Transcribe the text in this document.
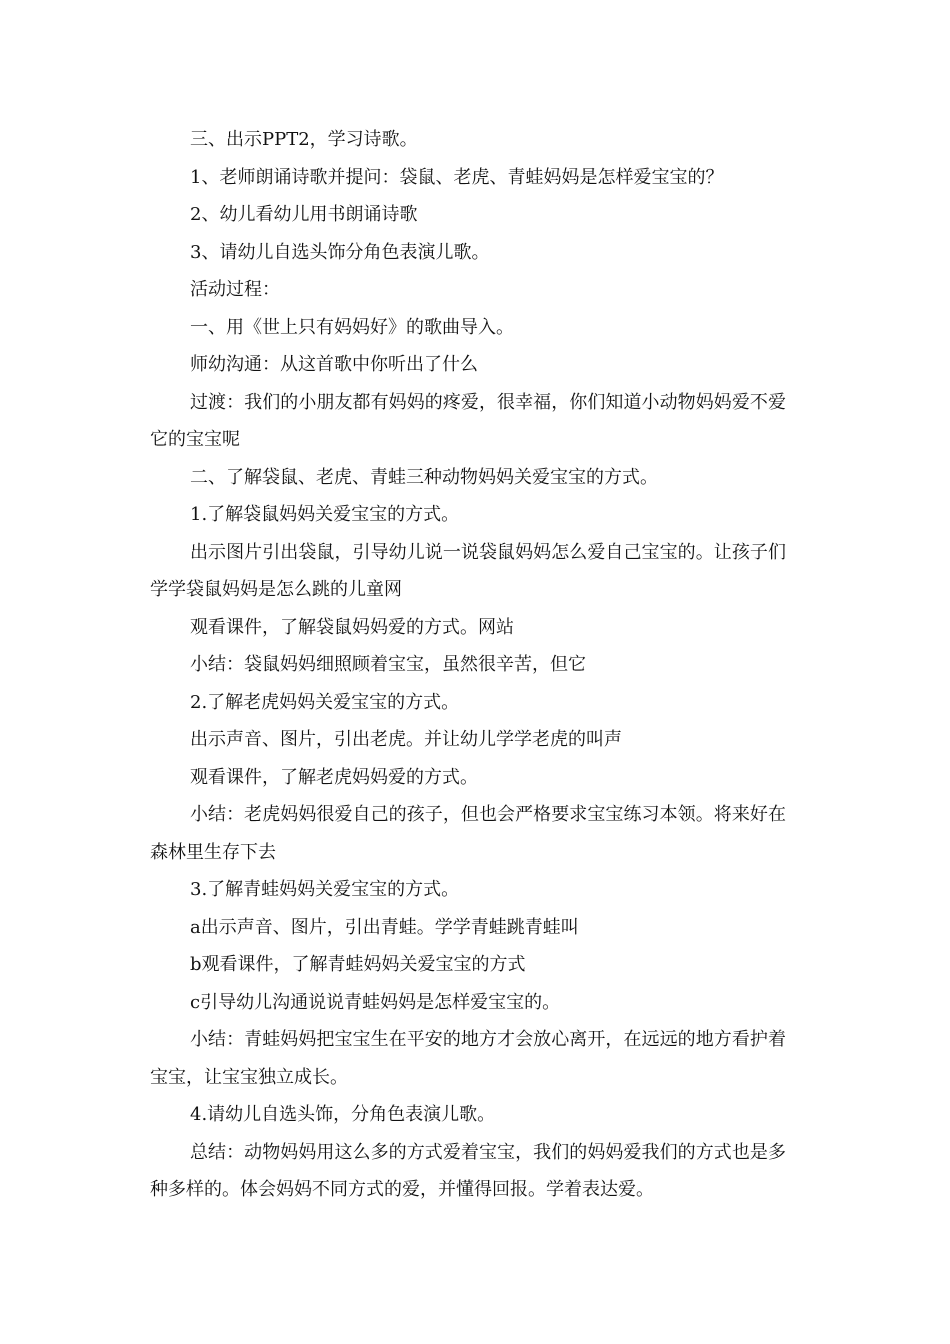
三、出示PPT2，学习诗歌。

1、老师朗诵诗歌并提问：袋鼠、老虎、青蛙妈妈是怎样爱宝宝的？

2、幼儿看幼儿用书朗诵诗歌

3、请幼儿自选头饰分角色表演儿歌。

活动过程：

一、用《世上只有妈妈好》的歌曲导入。

师幼沟通：从这首歌中你听出了什么

过渡：我们的小朋友都有妈妈的疼爱，很幸福，你们知道小动物妈妈爱不爱它的宝宝呢

二、了解袋鼠、老虎、青蛙三种动物妈妈关爱宝宝的方式。

1.了解袋鼠妈妈关爱宝宝的方式。

出示图片引出袋鼠，引导幼儿说一说袋鼠妈妈怎么爱自己宝宝的。让孩子们学学袋鼠妈妈是怎么跳的儿童网

观看课件，了解袋鼠妈妈爱的方式。网站

小结：袋鼠妈妈细照顾着宝宝，虽然很辛苦，但它

2.了解老虎妈妈关爱宝宝的方式。

出示声音、图片，引出老虎。并让幼儿学学老虎的叫声

观看课件，了解老虎妈妈爱的方式。

小结：老虎妈妈很爱自己的孩子，但也会严格要求宝宝练习本领。将来好在森林里生存下去

3.了解青蛙妈妈关爱宝宝的方式。

a出示声音、图片，引出青蛙。学学青蛙跳青蛙叫

b观看课件，了解青蛙妈妈关爱宝宝的方式

c引导幼儿沟通说说青蛙妈妈是怎样爱宝宝的。

小结：青蛙妈妈把宝宝生在平安的地方才会放心离开，在远远的地方看护着宝宝，让宝宝独立成长。

4.请幼儿自选头饰，分角色表演儿歌。

总结：动物妈妈用这么多的方式爱着宝宝，我们的妈妈爱我们的方式也是多种多样的。体会妈妈不同方式的爱，并懂得回报。学着表达爱。
